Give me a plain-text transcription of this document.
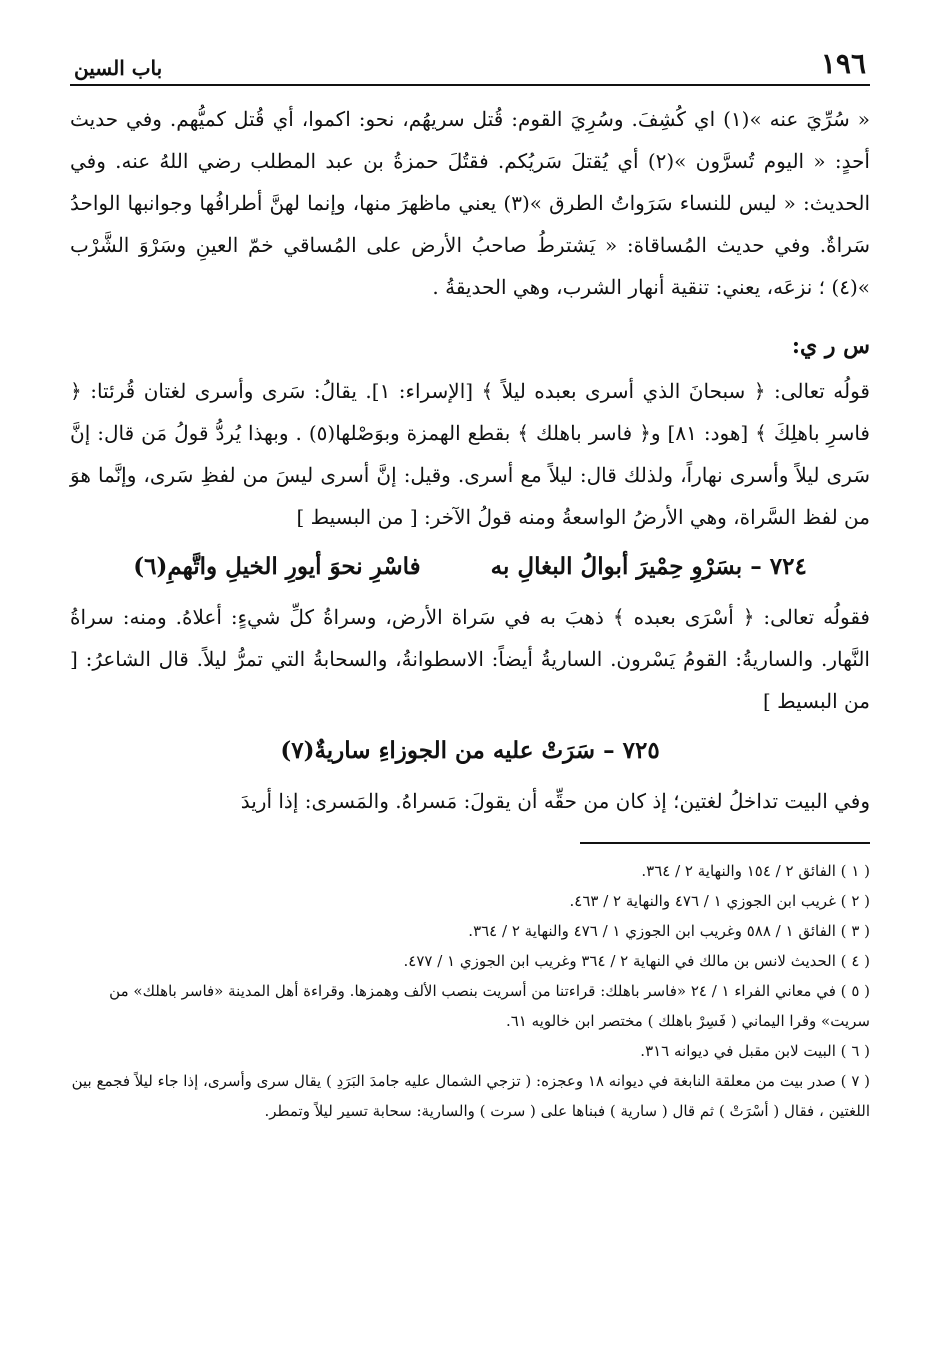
١٩٦
باب السين

« سُرِّيَ عنه »(١) اي كُشِفَ. وسُرِيَ القوم: قُتل سريهُم، نحو: اكموا، أي قُتل كميُّهم. وفي حديث أحدٍ: « اليوم تُسرَّون »(٢) أي يُقتلَ سَريُكم. فقتُلَ حمزةُ بن عبد المطلب رضي اللهُ عنه. وفي الحديث: « ليس للنساء سَرَواتُ الطرق »(٣) يعني ماظهرَ منها، وإنما لهنَّ أطرافُها وجوانبها الواحدُ سَراةٌ. وفي حديث المُساقاة: « يَشترطُ صاحبُ الأرض على المُساقي خمّ العينِ وسَرْوَ الشَّرْب »(٤) ؛ نزعَه، يعني: تنقية أنهار الشرب، وهي الحديقةُ .

س ر ي:

قولُه تعالى: ﴿ سبحانَ الذي أسرى بعبده ليلاً ﴾ [الإسراء: ١]. يقالُ: سَرى وأسرى لغتان قُرئتا: ﴿ فاسرِ باهلِكَ ﴾ [هود: ٨١] و﴿ فاسر باهلك ﴾ بقطع الهمزة وبوَصْلها(٥) . وبهذا يُردُّ قولُ مَن قال: إنَّ سَرى ليلاً وأسرى نهاراً، ولذلك قال: ليلاً مع أسرى. وقيل: إنَّ أسرى ليسَ من لفظِ سَرى، وإنَّما هوَ من لفظ السَّراة، وهي الأرضُ الواسعةُ ومنه قولُ الآخر: [ من البسيط ]

٧٢٤ – بسَرْوِ حِمْيرَ أبوالُ البغالِ به
فاسْرِ نحوَ أيورِ الخيلِ واتَّهمِ(٦)

فقولُه تعالى: ﴿ أسْرَى بعبده ﴾ ذهبَ به في سَراة الأرض، وسراةُ كلِّ شيءٍ: أعلاهُ. ومنه: سراةُ النَّهار. والساريةُ: القومُ يَسْرون. الساريةُ أيضاً: الاسطوانةُ، والسحابةُ التي تمرُّ ليلاً. قال الشاعرُ: [ من البسيط ]

٧٢٥ – سَرَتْ عليه من الجوزاءِ ساريةٌ(٧)

وفي البيت تداخلُ لغتين؛ إذ كان من حقِّه أن يقولَ: مَسراهُ. والمَسرى: إذا أريدَ

( ١ ) الفائق ٢ / ١٥٤ والنهاية ٢ / ٣٦٤.
( ٢ ) غريب ابن الجوزي ١ / ٤٧٦ والنهاية ٢ / ٤٦٣.
( ٣ ) الفائق ١ / ٥٨٨ وغريب ابن الجوزي ١ / ٤٧٦ والنهاية ٢ / ٣٦٤.
( ٤ ) الحديث لانس بن مالك في النهاية ٢ / ٣٦٤ وغريب ابن الجوزي ١ / ٤٧٧.
( ٥ ) في معاني الفراء ١ / ٢٤ «فاسر باهلك: قراءتنا من أسريت بنصب الألف وهمزها. وقراءة أهل المدينة «فاسر باهلك» من سريت» وقرا اليماني ( فَسِرْ باهلك ) مختصر ابن خالويه ٦١.
( ٦ ) البيت لابن مقبل في ديوانه ٣١٦.
( ٧ ) صدر بيت من معلقة النابغة في ديوانه ١٨ وعجزه: ( تزجي الشمال عليه جامدَ البَرَدِ ) يقال سرى وأسرى، إذا جاء ليلاً فجمع بين اللغتين ، فقال ( أسْرَتْ ) ثم قال ( سارية ) فبناها على ( سرت ) والسارية: سحابة تسير ليلاً وتمطر.
